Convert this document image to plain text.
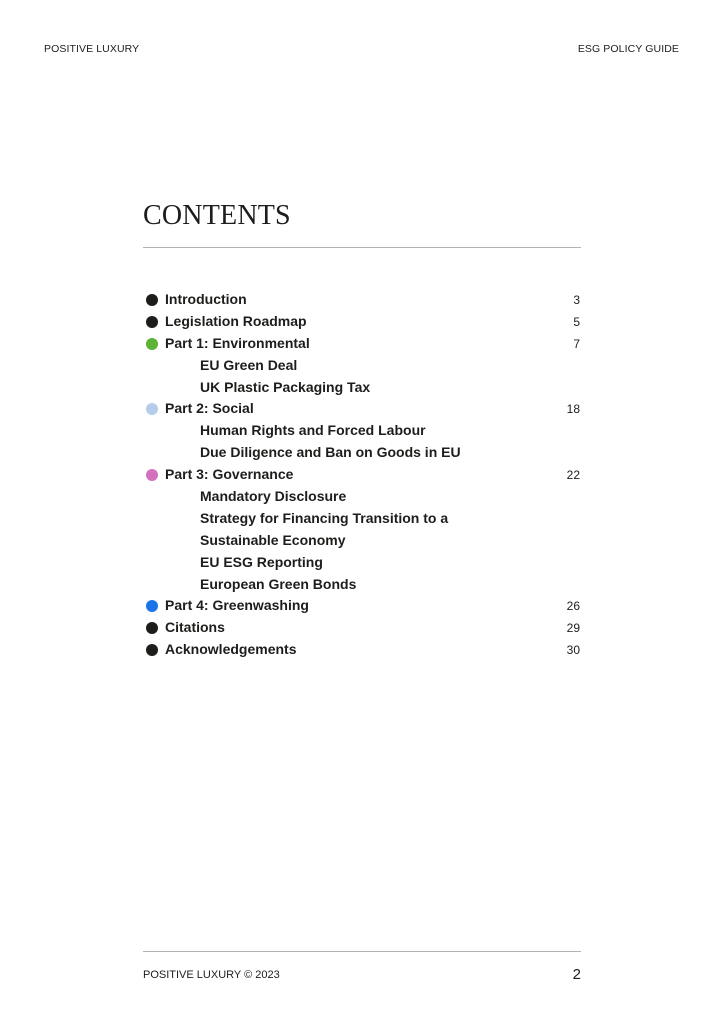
POSITIVE LUXURY	ESG POLICY GUIDE
CONTENTS
Introduction	3
Legislation Roadmap	5
Part 1: Environmental	7
EU Green Deal
UK Plastic Packaging Tax
Part 2: Social	18
Human Rights and Forced Labour
Due Diligence and Ban on Goods in EU
Part 3: Governance	22
Mandatory Disclosure
Strategy for Financing Transition to a
Sustainable Economy
EU ESG Reporting
European Green Bonds
Part 4: Greenwashing	26
Citations	29
Acknowledgements	30
POSITIVE LUXURY © 2023	2
